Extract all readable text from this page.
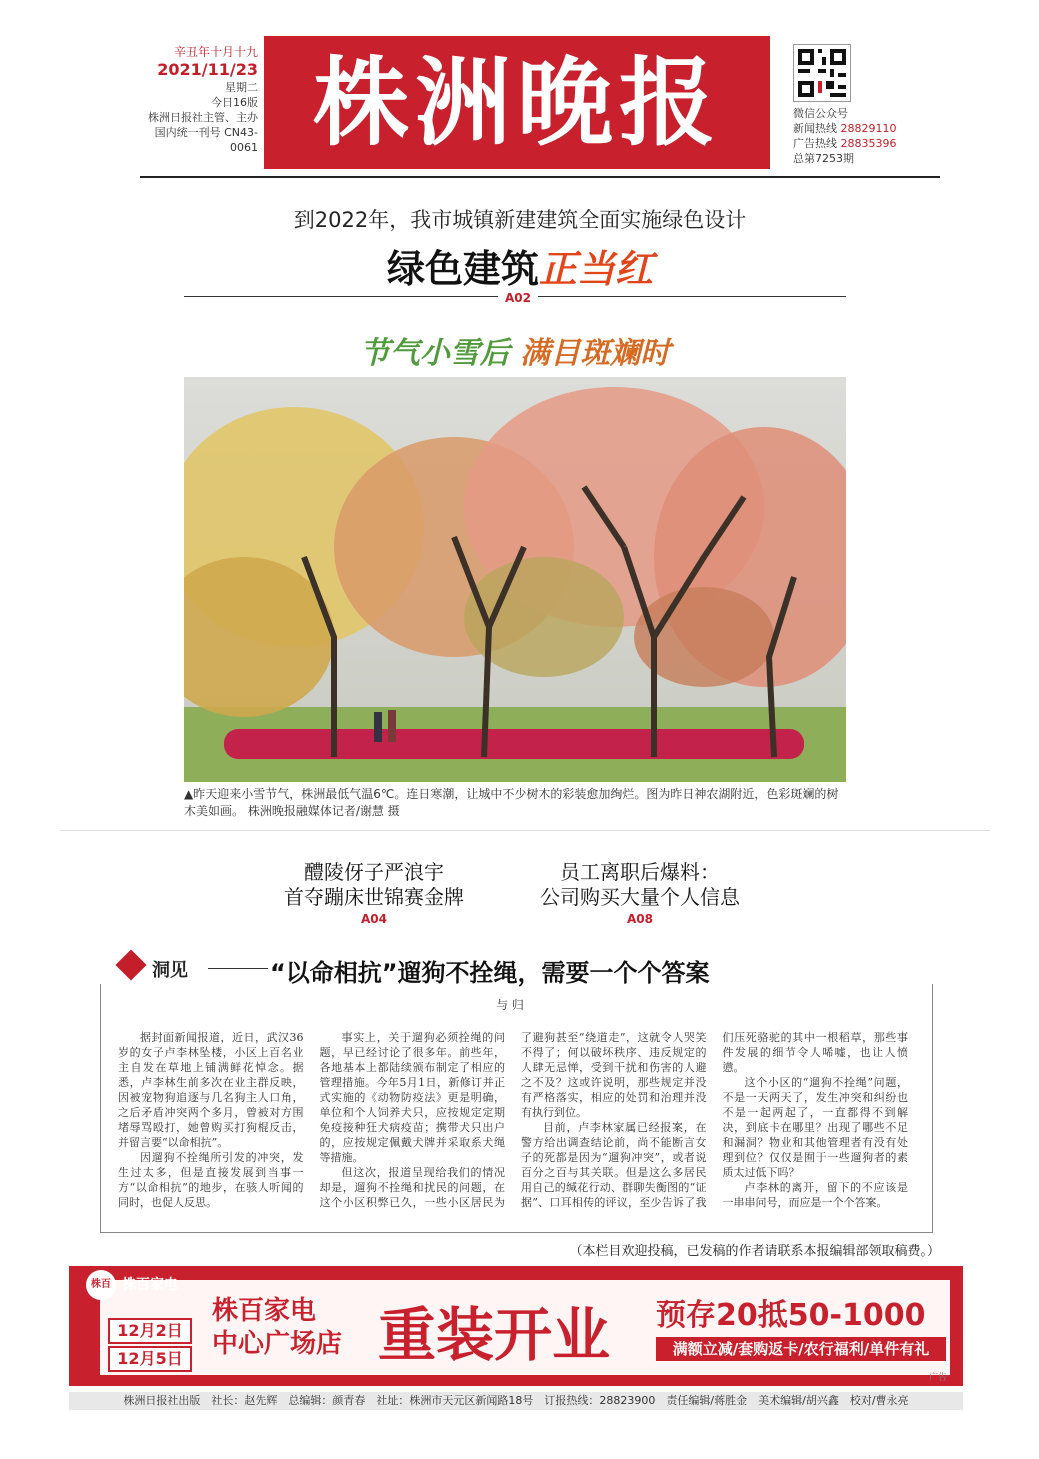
辛丑年十月十九
2021/11/23
星期二
今日16版
株洲日报社主管、主办
国内统一刊号 CN43-0061 株洲晚报	微信公众号
新闻热线 28829110
广告热线 28835396
总第7253期
到2022年，我市城镇新建建筑全面实施绿色设计
绿色建筑正当红
A02
节气小雪后 满目斑斓时
▲昨天迎来小雪节气，株洲最低气温6℃。连日寒潮，让城中不少树木的彩装愈加绚烂。图为昨日神农湖附近，色彩斑斓的树木美如画。 株洲晚报融媒体记者/谢慧 摄
醴陵伢子严浪宇
首夺蹦床世锦赛金牌
A04
员工离职后爆料：
公司购买大量个人信息
A08
洞见	“以命相抗”遛狗不拴绳，需要一个个答案
与 归

据封面新闻报道，近日，武汉36岁的女子卢李林坠楼，小区上百名业主自发在草地上铺满鲜花悼念。据悉，卢李林生前多次在业主群反映，因被宠物狗追逐与几名狗主人口角，之后矛盾冲突两个多月，曾被对方围堵辱骂殴打，她曾购买打狗棍反击，并留言要“以命相抗”。

因遛狗不拴绳所引发的冲突，发生过太多，但是直接发展到当事一方“以命相抗”的地步，在骇人听闻的同时，也促人反思。

事实上，关于遛狗必须拴绳的问题，早已经讨论了很多年。前些年，各地基本上都陆续颁布制定了相应的管理措施。今年5月1日，新修订并正式实施的《动物防疫法》更是明确，单位和个人饲养犬只，应按规定定期免疫接种狂犬病疫苗；携带犬只出户的，应按规定佩戴犬牌并采取系犬绳等措施。

但这次，报道呈现给我们的情况却是，遛狗不拴绳和扰民的问题，在这个小区积弊已久，一些小区居民为了避狗甚至“绕道走”，这就令人哭笑不得了；何以破坏秩序、违反规定的人肆无忌惮，受到干扰和伤害的人避之不及？这或许说明，那些规定并没有严格落实，相应的处罚和治理并没有执行到位。

目前，卢李林家属已经报案，在警方给出调查结论前，尚不能断言女子的死都是因为“遛狗冲突”，或者说百分之百与其关联。但是这么多居民用自己的缄花行动、群聊失衡图的“证据”、口耳相传的评议，至少告诉了我们压死骆驼的其中一根稻草，那些事件发展的细节令人唏嘘，也让人愤懑。

这个小区的“遛狗不拴绳”问题，不是一天两天了，发生冲突和纠纷也不是一起两起了，一直都得不到解决，到底卡在哪里？出现了哪些不足和漏洞？物业和其他管理者有没有处理到位？仅仅是囿于一些遛狗者的素质太过低下吗？

卢李林的离开，留下的不应该是一串串问号，而应是一个个答案。

（本栏目欢迎投稿，已发稿的作者请联系本报编辑部领取稿费。）
株百 株百家电
12月2日
12月5日
株百家电
中心广场店 重装开业 预存20抵50-1000
满额立减/套购返卡/农行福利/单件有礼
广告
株洲日报社出版　社长：赵先辉　总编辑：颜青春　社址：株洲市天元区新闻路18号　订报热线：28823900　责任编辑/蒋胜金　美术编辑/胡兴鑫　校对/曹永亮
